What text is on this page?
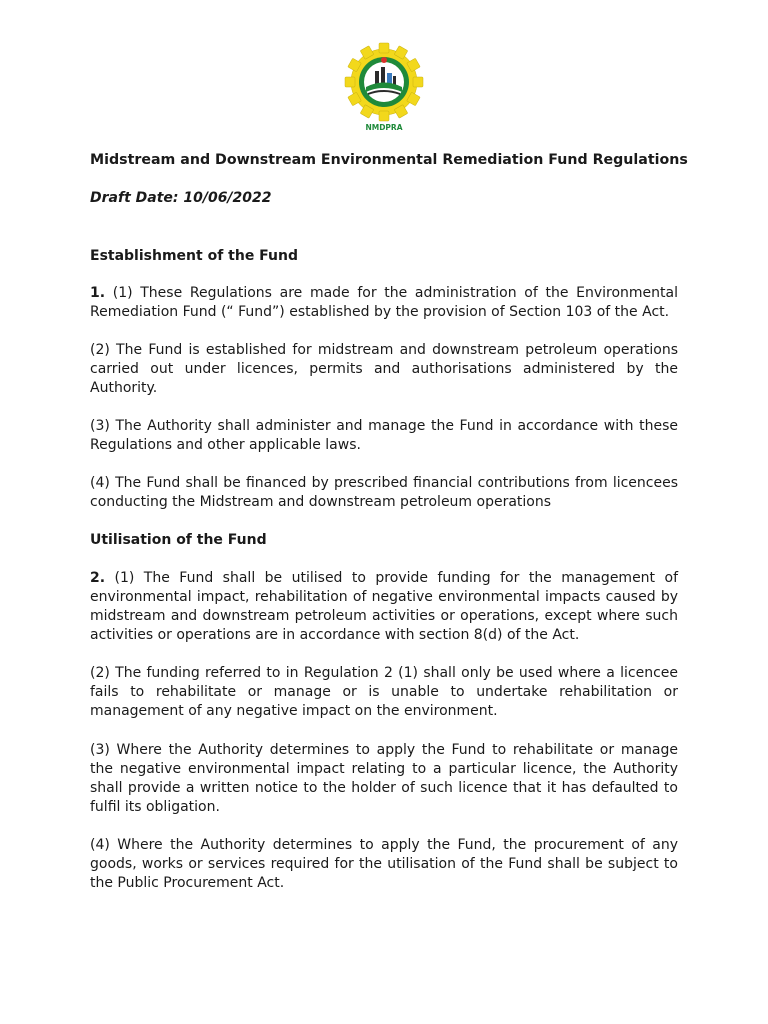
NMDPRA
Midstream and Downstream Environmental Remediation Fund Regulations
Draft Date: 10/06/2022
Establishment of the Fund

1. (1) These Regulations are made for the administration of the Environmental Remediation Fund (“ Fund”) established by the provision of Section 103 of the Act.

(2) The Fund is established for midstream and downstream petroleum operations carried out under licences, permits and authorisations administered by the Authority.

(3) The Authority shall administer and manage the Fund in accordance with these Regulations and other applicable laws.

(4) The Fund shall be financed by prescribed financial contributions from licencees conducting the Midstream and downstream petroleum operations

Utilisation of the Fund

2. (1) The Fund shall be utilised to provide funding for the management of environmental impact, rehabilitation of negative environmental impacts caused by midstream and downstream petroleum activities or operations, except where such activities or operations are in accordance with section 8(d) of the Act.

(2) The funding referred to in Regulation 2 (1) shall only be used where a licencee fails to rehabilitate or manage or is unable to undertake rehabilitation or management of any negative impact on the environment.

(3) Where the Authority determines to apply the Fund to rehabilitate or manage the negative environmental impact relating to a particular licence, the Authority shall provide a written notice to the holder of such licence that it has defaulted to fulfil its obligation.

(4) Where the Authority determines to apply the Fund, the procurement of any goods, works or services required for the utilisation of the Fund shall be subject to the Public Procurement Act.
